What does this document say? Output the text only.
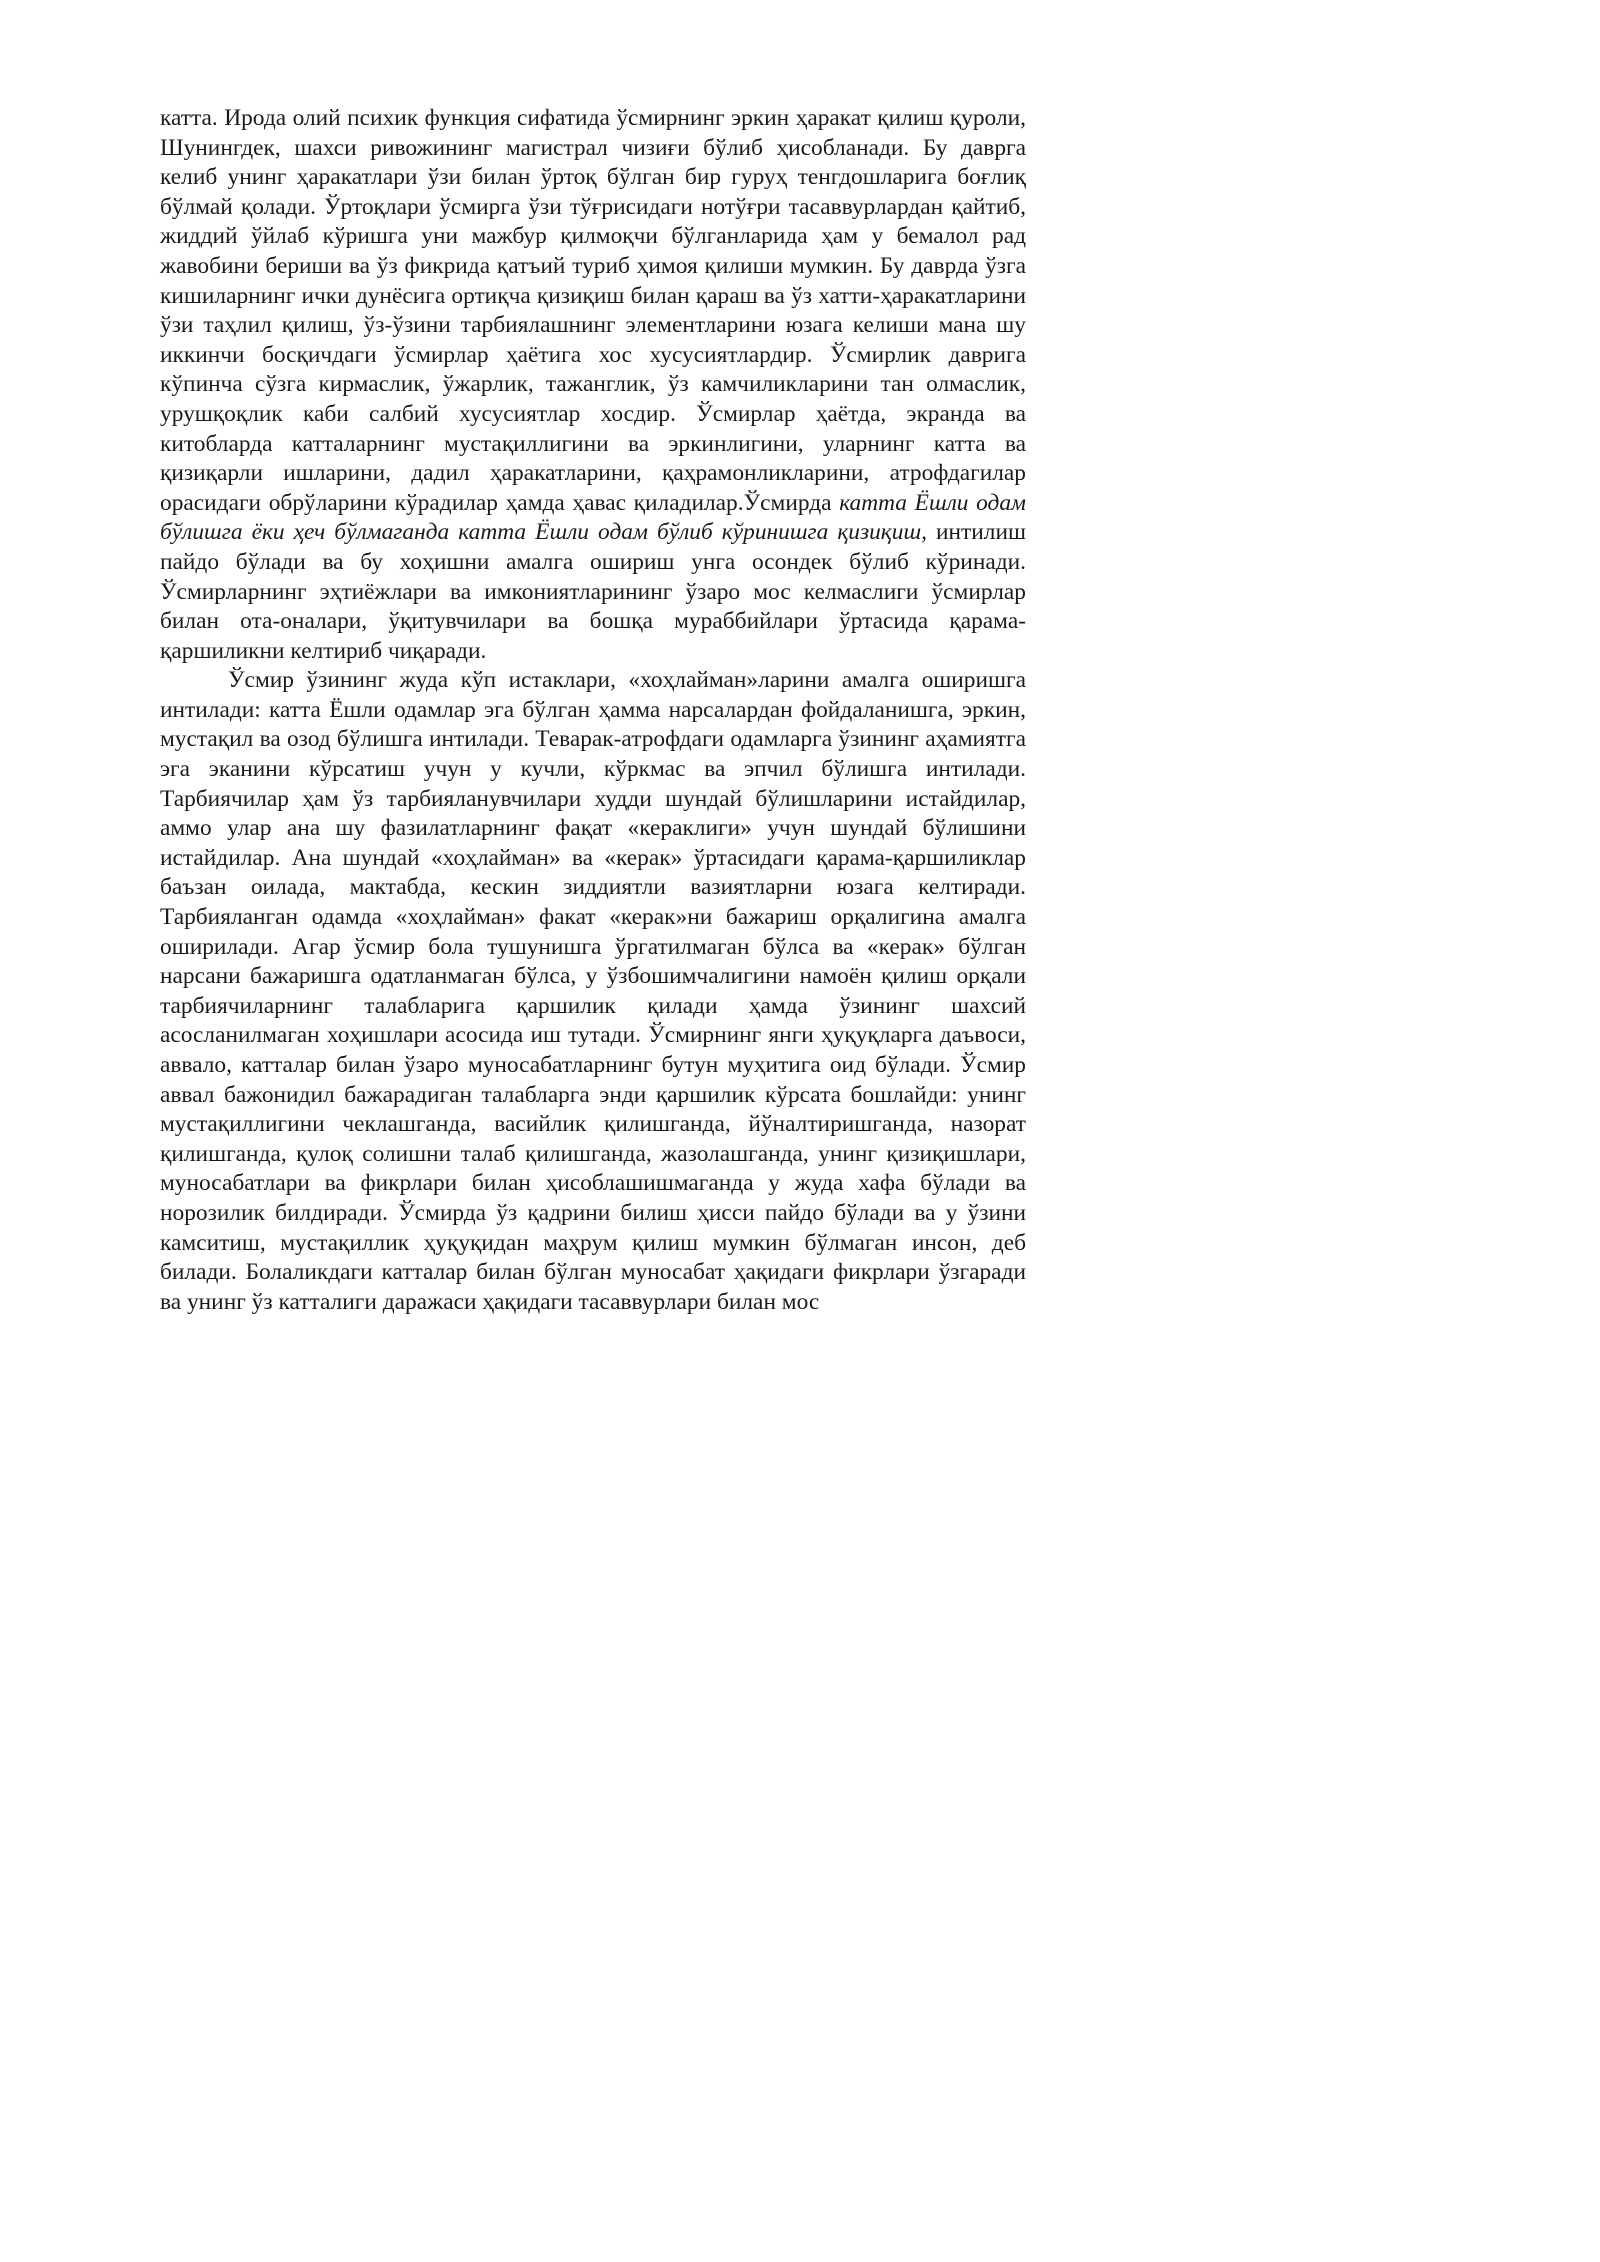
катта. Ирода олий психик функция сифатида ўсмирнинг эркин ҳаракат қилиш қуроли, Шунингдек, шахси ривожининг магистрал чизиғи бўлиб ҳисобланади. Бу даврга келиб унинг ҳаракатлари ўзи билан ўртоқ бўлган бир гуруҳ тенгдошларига боғлиқ бўлмай қолади. Ўртоқлари ўсмирга ўзи тўғрисидаги нотўғри тасаввурлардан қайтиб, жиддий ўйлаб кўришга уни мажбур қилмоқчи бўлганларида ҳам у бемалол рад жавобини бериши ва ўз фикрида қатъий туриб ҳимоя қилиши мумкин. Бу даврда ўзга кишиларнинг ички дунёсига ортиқча қизиқиш билан қараш ва ўз хатти-ҳаракатларини ўзи таҳлил қилиш, ўз-ўзини тарбиялашнинг элементларини юзага келиши мана шу иккинчи босқичдаги ўсмирлар ҳаётига хос хусусиятлардир. Ўсмирлик даврига кўпинча сўзга кирмаслик, ўжарлик, тажанглик, ўз камчиликларини тан олмаслик, урушқоқлик каби салбий хусусиятлар хосдир. Ўсмирлар ҳаётда, экранда ва китобларда катталарнинг мустақиллигини ва эркинлигини, уларнинг катта ва қизиқарли ишларини, дадил ҳаракатларини, қаҳрамонликларини, атрофдагилар орасидаги обрўларини кўрадилар ҳамда ҳавас қиладилар.Ўсмирда катта Ёшли одам бўлишга ёки ҳеч бўлмаганда катта Ёшли одам бўлиб кўринишга қизиқиш, интилиш пайдо бўлади ва бу хоҳишни амалга ошириш унга осондек бўлиб кўринади. Ўсмирларнинг эҳтиёжлари ва имкониятларининг ўзаро мос келмаслиги ўсмирлар билан ота-оналари, ўқитувчилари ва бошқа мураббийлари ўртасида қарама-қаршиликни келтириб чиқаради.

Ўсмир ўзининг жуда кўп истаклари, «хоҳлайман»ларини амалга оширишга интилади: катта Ёшли одамлар эга бўлган ҳамма нарсалардан фойдаланишга, эркин, мустақил ва озод бўлишга интилади. Теварак-атрофдаги одамларга ўзининг аҳамиятга эга эканини кўрсатиш учун у кучли, кўркмас ва эпчил бўлишга интилади. Тарбиячилар ҳам ўз тарбияланувчилари худди шундай бўлишларини истайдилар, аммо улар ана шу фазилатларнинг фақат «кераклиги» учун шундай бўлишини истайдилар. Ана шундай «хоҳлайман» ва «керак» ўртасидаги қарама-қаршиликлар баъзан оилада, мактабда, кескин зиддиятли вазиятларни юзага келтиради. Тарбияланган одамда «хоҳлайман» факат «керак»ни бажариш орқалигина амалга оширилади. Агар ўсмир бола тушунишга ўргатилмаган бўлса ва «керак» бўлган нарсани бажаришга одатланмаган бўлса, у ўзбошимчалигини намоён қилиш орқали тарбиячиларнинг талабларига қаршилик қилади ҳамда ўзининг шахсий асосланилмаган хоҳишлари асосида иш тутади. Ўсмирнинг янги ҳуқуқларга даъвоси, аввало, катталар билан ўзаро муносабатларнинг бутун муҳитига оид бўлади. Ўсмир аввал бажонидил бажарадиган талабларга энди қаршилик кўрсата бошлайди: унинг мустақиллигини чеклашганда, васийлик қилишганда, йўналтиришганда, назорат қилишганда, қулоқ солишни талаб қилишганда, жазолашганда, унинг қизиқишлари, муносабатлари ва фикрлари билан ҳисоблашишмаганда у жуда хафа бўлади ва норозилик билдиради. Ўсмирда ўз қадрини билиш ҳисси пайдо бўлади ва у ўзини камситиш, мустақиллик ҳуқуқидан маҳрум қилиш мумкин бўлмаган инсон, деб билади. Болаликдаги катталар билан бўлган муносабат ҳақидаги фикрлари ўзгаради ва унинг ўз катталиги даражаси ҳақидаги тасаввурлари билан мос
